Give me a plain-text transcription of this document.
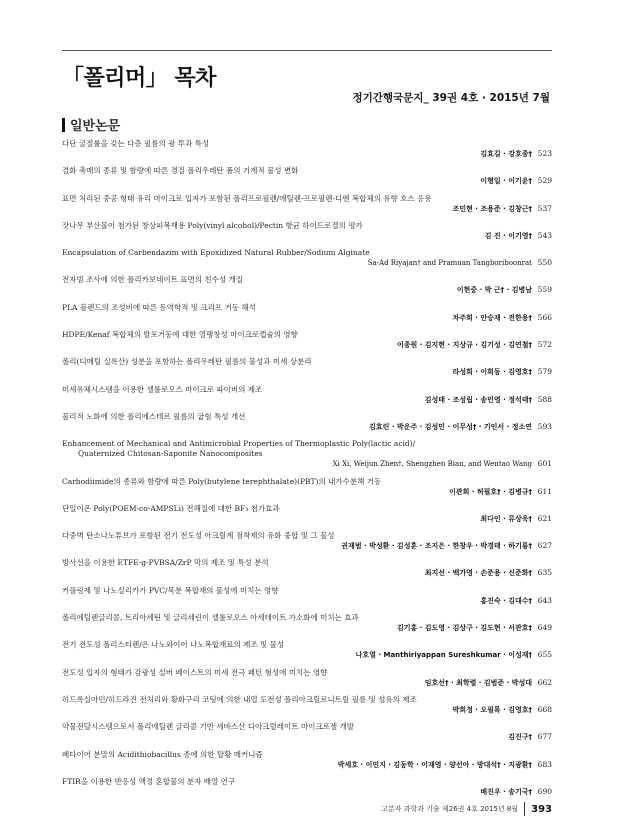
「폴리머」 목차
정기간행국문지_ 39권 4호 · 2015년 7월
일반논문
다단 굴절률을 갖는 다층 필름의 광 투과 특성
김효길 · 강호종† 523
결화 촉매의 종류 및 함량에 따른 경질 폴리우레탄 폼의 기계적 물성 변화
이형일 · 이기윤† 529
표면 처리된 중공 형태 유리 마이크로 입자가 포함된 폴리프로필렌/에틸렌-프로필렌-디엔 복합체의 유향 호스 응용
조민현 · 조용준 · 김창근† 537
잣나무 부산물이 첨가된 창상피복재용 Poly(vinyl alcohol)/Pectin 항균 하이드로겔의 평가
김 진 · 이기영† 543
Encapsulation of Carbendazim with Epoxidized Natural Rubber/Sodium Alginate
Sa-Ad Riyajan† and Pramuan Tangboriboonrat 550
전자빔 조사에 의한 폴리카보네이트 표면의 친수성 개질
이현중 · 박 근† · 김병남 559
PLA 블렌드의 조성비에 따른 동역학적 및 크리프 거동 해석
차주희 · 안승재 · 전한용† 566
HDPE/Kenaf 복합체의 발포거동에 대한 열팽창성 마이크로캡슐의 영향
이종원 · 김지현 · 지상규 · 김기성 · 김연철† 572
폴리(디메틸 실록산) 성분을 포함하는 폴리우레탄 필름의 물성과 미세 상분리
라성희 · 이희동 · 김영호† 579
미세유체시스템을 이용한 셀룰로오스 마이크로 파이버의 제조
김성태 · 조성립 · 송민영 · 정석태† 588
물리적 노화에 의한 폴리에스테르 필름의 굽힘 특성 개선
김효린 · 박운주 · 김성민 · 이무성† · 기인서 · 정소연 593
Enhancement of Mechanical and Antimicrobial Properties of Thermoplastic Poly(lactic acid)/
Quaternized Chitosan-Saponite Nanocomposites
Xi Xi, Weijun Zhen†, Shengzhen Bian, and Wentao Wang 601
Carbodiimide의 종류와 함량에 따른 Poly(butylene terephthalate)(PBT)의 내가수분해 거동
이관희 · 허필호† · 김병규† 611
단일이온 Poly(POEM-co-AMPSLi) 전해질에 대한 BF₃ 첨가효과
최다인 · 류상욱† 621
다중벽 탄소나노튜브가 포함된 전기 전도성 아크릴계 점착제의 유화 중합 및 그 물성
권재범 · 박성환 · 김성훈 · 조지은 · 한창우 · 박경태 · 하기룡† 627
방사선을 이용한 ETFE-g-PVBSA/ZrP 막의 제조 및 특성 분석
최지선 · 백가영 · 손준용 · 신준화† 635
커플링제 및 나노실리카가 PVC/목분 복합재의 물성에 미치는 영향
홍진숙 · 김대수† 643
폴리에틸렌글리콜, 트리아세틴 및 글리세린이 셀룰로오스 아세테이트 가소화에 미치는 효과
김기홍 · 김도영 · 김상구 · 김도현 · 서관호† 649
전기 전도성 폴리스티렌/은 나노와이어 나노복합재료의 제조 및 물성
나호열 · Manthiriyappan Sureshkumar · 이성재† 655
전도성 입자의 형태가 감광성 실버 페이스트의 미세 전극 패턴 형성에 미치는 영향
임호선† · 최학렬 · 김범준 · 박성대 662
히드록실아민/히드라진 전처리와 황화구리 코팅에 의한 내열 도전성 폴리아크릴로니트릴 필름 및 섬유의 제조
박희정 · 오필록 · 김영호† 668
약물전달시스템으로서 폴리에틸렌 글리콜 기반 세바스산 디아크릴레이트 마이크로젤 개발
김진구† 677
폐타이어 분말의 Acidithiobacillus 종에 의한 탈황 메커니즘
박세호 · 이민지 · 김동학 · 이재영 · 양선아 · 방대석† · 지광환† 683
FTIR을 이용한 반응성 액정 혼합물의 분자 배열 연구
배진우 · 송기국† 690
고분자 과학과 기술 제26권 4호 2015년 8월 393
